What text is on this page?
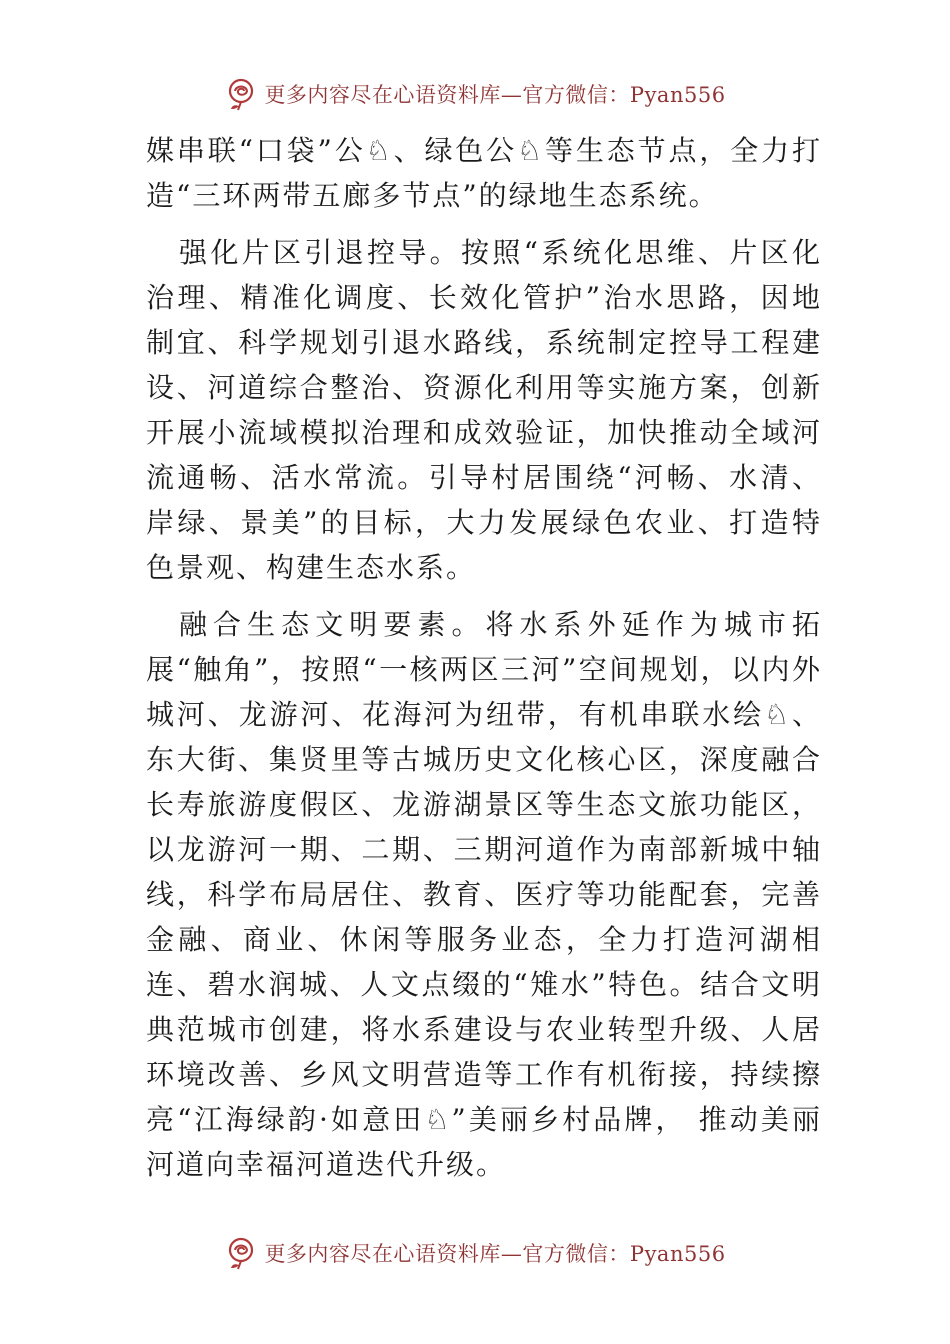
更多内容尽在心语资料库—官方微信：Pyan556

媒串联“口袋”公♘、绿色公♘等生态节点，全力打造“三环两带五廊多节点”的绿地生态系统。

强化片区引退控导。按照“系统化思维、片区化治理、精准化调度、长效化管护”治水思路，因地制宜、科学规划引退水路线，系统制定控导工程建设、河道综合整治、资源化利用等实施方案，创新开展小流域模拟治理和成效验证，加快推动全域河流通畅、活水常流。引导村居围绕“河畅、水清、岸绿、景美”的目标，大力发展绿色农业、打造特色景观、构建生态水系。

融合生态文明要素。将水系外延作为城市拓展“触角”，按照“一核两区三河”空间规划，以内外城河、龙游河、花海河为纽带，有机串联水绘♘、东大街、集贤里等古城历史文化核心区，深度融合长寿旅游度假区、龙游湖景区等生态文旅功能区，以龙游河一期、二期、三期河道作为南部新城中轴线，科学布局居住、教育、医疗等功能配套，完善金融、商业、休闲等服务业态，全力打造河湖相连、碧水润城、人文点缀的“雉水”特色。结合文明典范城市创建，将水系建设与农业转型升级、人居环境改善、乡风文明营造等工作有机衔接，持续擦亮“江海绿韵·如意田♘”美丽乡村品牌， 推动美丽河道向幸福河道迭代升级。

更多内容尽在心语资料库—官方微信：Pyan556
